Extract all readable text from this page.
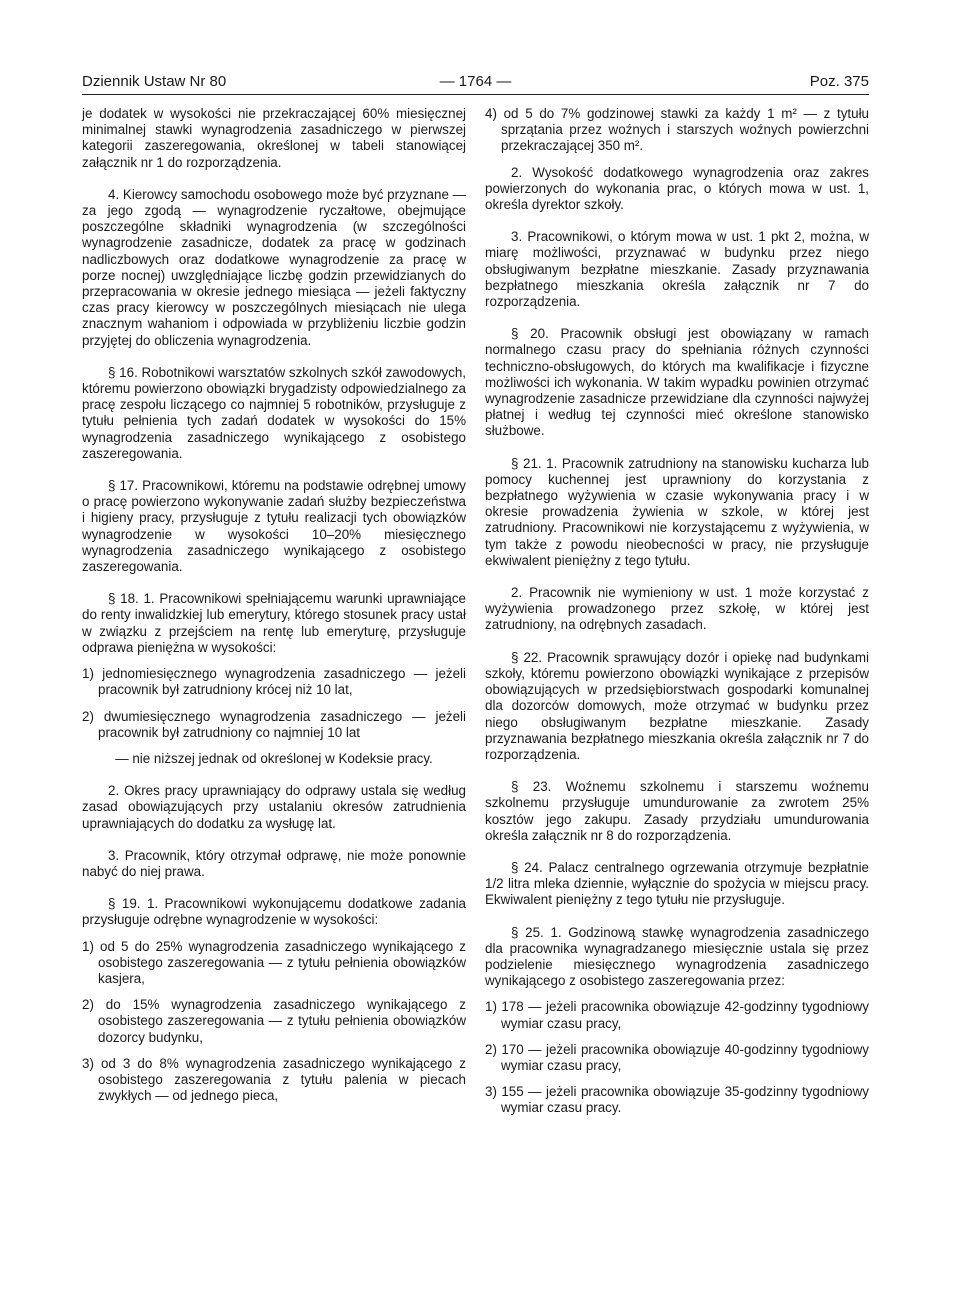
Dziennik Ustaw Nr 80	— 1764 —	Poz. 375

je dodatek w wysokości nie przekraczającej 60% miesięcznej minimalnej stawki wynagrodzenia zasadniczego w pierwszej kategorii zaszeregowania, określonej w tabeli stanowiącej załącznik nr 1 do rozporządzenia.

4. Kierowcy samochodu osobowego może być przyznane — za jego zgodą — wynagrodzenie ryczałtowe, obejmujące poszczególne składniki wynagrodzenia (w szczególności wynagrodzenie zasadnicze, dodatek za pracę w godzinach nadliczbowych oraz dodatkowe wynagrodzenie za pracę w porze nocnej) uwzględniające liczbę godzin przewidzianych do przepracowania w okresie jednego miesiąca — jeżeli faktyczny czas pracy kierowcy w poszczególnych miesiącach nie ulega znacznym wahaniom i odpowiada w przybliżeniu liczbie godzin przyjętej do obliczenia wynagrodzenia.

§ 16. Robotnikowi warsztatów szkolnych szkół zawodowych, któremu powierzono obowiązki brygadzisty odpowiedzialnego za pracę zespołu liczącego co najmniej 5 robotników, przysługuje z tytułu pełnienia tych zadań dodatek w wysokości do 15% wynagrodzenia zasadniczego wynikającego z osobistego zaszeregowania.

§ 17. Pracownikowi, któremu na podstawie odrębnej umowy o pracę powierzono wykonywanie zadań służby bezpieczeństwa i higieny pracy, przysługuje z tytułu realizacji tych obowiązków wynagrodzenie w wysokości 10–20% miesięcznego wynagrodzenia zasadniczego wynikającego z osobistego zaszeregowania.

§ 18. 1. Pracownikowi spełniającemu warunki uprawniające do renty inwalidzkiej lub emerytury, którego stosunek pracy ustał w związku z przejściem na rentę lub emeryturę, przysługuje odprawa pieniężna w wysokości:

1) jednomiesięcznego wynagrodzenia zasadniczego — jeżeli pracownik był zatrudniony krócej niż 10 lat,

2) dwumiesięcznego wynagrodzenia zasadniczego — jeżeli pracownik był zatrudniony co najmniej 10 lat

— nie niższej jednak od określonej w Kodeksie pracy.

2. Okres pracy uprawniający do odprawy ustala się według zasad obowiązujących przy ustalaniu okresów zatrudnienia uprawniających do dodatku za wysługę lat.

3. Pracownik, który otrzymał odprawę, nie może ponownie nabyć do niej prawa.

§ 19. 1. Pracownikowi wykonującemu dodatkowe zadania przysługuje odrębne wynagrodzenie w wysokości:

1) od 5 do 25% wynagrodzenia zasadniczego wynikającego z osobistego zaszeregowania — z tytułu pełnienia obowiązków kasjera,

2) do 15% wynagrodzenia zasadniczego wynikającego z osobistego zaszeregowania — z tytułu pełnienia obowiązków dozorcy budynku,

3) od 3 do 8% wynagrodzenia zasadniczego wynikającego z osobistego zaszeregowania z tytułu palenia w piecach zwykłych — od jednego pieca,

4) od 5 do 7% godzinowej stawki za każdy 1 m² — z tytułu sprzątania przez woźnych i starszych woźnych powierzchni przekraczającej 350 m².

2. Wysokość dodatkowego wynagrodzenia oraz zakres powierzonych do wykonania prac, o których mowa w ust. 1, określa dyrektor szkoły.

3. Pracownikowi, o którym mowa w ust. 1 pkt 2, można, w miarę możliwości, przyznawać w budynku przez niego obsługiwanym bezpłatne mieszkanie. Zasady przyznawania bezpłatnego mieszkania określa załącznik nr 7 do rozporządzenia.

§ 20. Pracownik obsługi jest obowiązany w ramach normalnego czasu pracy do spełniania różnych czynności techniczno-obsługowych, do których ma kwalifikacje i fizyczne możliwości ich wykonania. W takim wypadku powinien otrzymać wynagrodzenie zasadnicze przewidziane dla czynności najwyżej płatnej i według tej czynności mieć określone stanowisko służbowe.

§ 21. 1. Pracownik zatrudniony na stanowisku kucharza lub pomocy kuchennej jest uprawniony do korzystania z bezpłatnego wyżywienia w czasie wykonywania pracy i w okresie prowadzenia żywienia w szkole, w której jest zatrudniony. Pracownikowi nie korzystającemu z wyżywienia, w tym także z powodu nieobecności w pracy, nie przysługuje ekwiwalent pieniężny z tego tytułu.

2. Pracownik nie wymieniony w ust. 1 może korzystać z wyżywienia prowadzonego przez szkołę, w której jest zatrudniony, na odrębnych zasadach.

§ 22. Pracownik sprawujący dozór i opiekę nad budynkami szkoły, któremu powierzono obowiązki wynikające z przepisów obowiązujących w przedsiębiorstwach gospodarki komunalnej dla dozorców domowych, może otrzymać w budynku przez niego obsługiwanym bezpłatne mieszkanie. Zasady przyznawania bezpłatnego mieszkania określa załącznik nr 7 do rozporządzenia.

§ 23. Woźnemu szkolnemu i starszemu woźnemu szkolnemu przysługuje umundurowanie za zwrotem 25% kosztów jego zakupu. Zasady przydziału umundurowania określa załącznik nr 8 do rozporządzenia.

§ 24. Palacz centralnego ogrzewania otrzymuje bezpłatnie 1/2 litra mleka dziennie, wyłącznie do spożycia w miejscu pracy. Ekwiwalent pieniężny z tego tytułu nie przysługuje.

§ 25. 1. Godzinową stawkę wynagrodzenia zasadniczego dla pracownika wynagradzanego miesięcznie ustala się przez podzielenie miesięcznego wynagrodzenia zasadniczego wynikającego z osobistego zaszeregowania przez:

1) 178 — jeżeli pracownika obowiązuje 42-godzinny tygodniowy wymiar czasu pracy,

2) 170 — jeżeli pracownika obowiązuje 40-godzinny tygodniowy wymiar czasu pracy,

3) 155 — jeżeli pracownika obowiązuje 35-godzinny tygodniowy wymiar czasu pracy.
